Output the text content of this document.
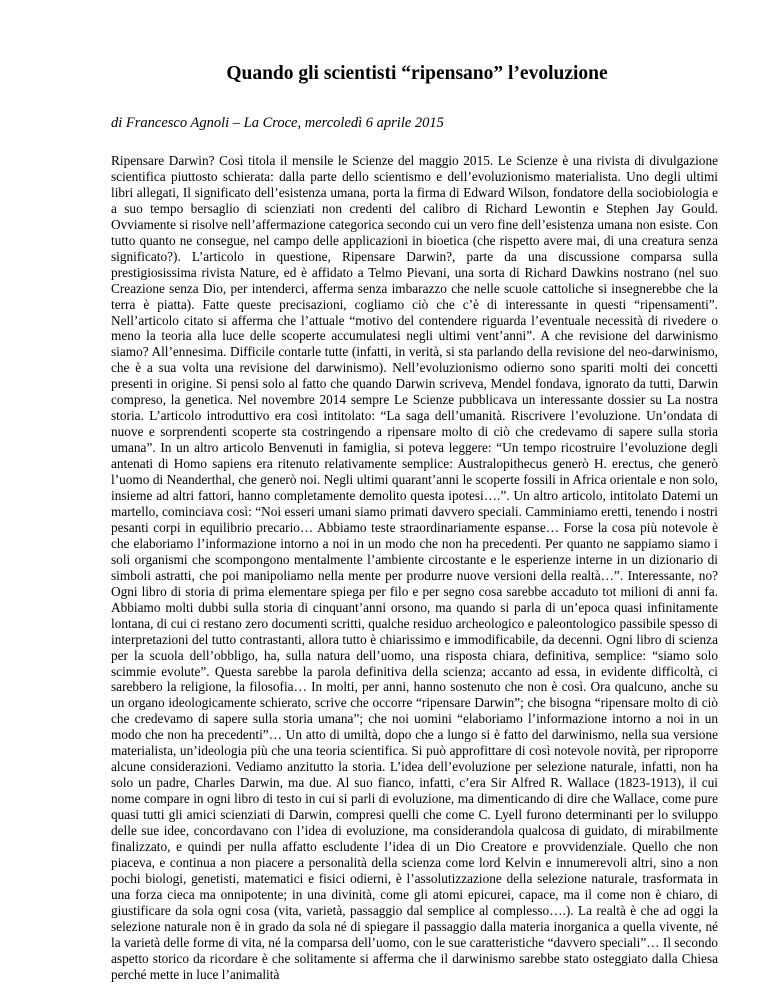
Quando gli scientisti “ripensano” l’evoluzione

di Francesco Agnoli – La Croce, mercoledì 6 aprile 2015

Ripensare Darwin? Così titola il mensile le Scienze del maggio 2015. Le Scienze è una rivista di divulgazione scientifica piuttosto schierata: dalla parte dello scientismo e dell’evoluzionismo materialista. Uno degli ultimi libri allegati, Il significato dell’esistenza umana, porta la firma di Edward Wilson, fondatore della sociobiologia e a suo tempo bersaglio di scienziati non credenti del calibro di Richard Lewontin e Stephen Jay Gould. Ovviamente si risolve nell’affermazione categorica secondo cui un vero fine dell’esistenza umana non esiste. Con tutto quanto ne consegue, nel campo delle applicazioni in bioetica (che rispetto avere mai, di una creatura senza significato?). L’articolo in questione, Ripensare Darwin?, parte da una discussione comparsa sulla prestigiosissima rivista Nature, ed è affidato a Telmo Pievani, una sorta di Richard Dawkins nostrano (nel suo Creazione senza Dio, per intenderci, afferma senza imbarazzo che nelle scuole cattoliche si insegnerebbe che la terra è piatta). Fatte queste precisazioni, cogliamo ciò che c’è di interessante in questi “ripensamenti”. Nell’articolo citato si afferma che l’attuale “motivo del contendere riguarda l’eventuale necessità di rivedere o meno la teoria alla luce delle scoperte accumulatesi negli ultimi vent’anni”. A che revisione del darwinismo siamo? All’ennesima. Difficile contarle tutte (infatti, in verità, si sta parlando della revisione del neo-darwinismo, che è a sua volta una revisione del darwinismo). Nell’evoluzionismo odierno sono spariti molti dei concetti presenti in origine. Si pensi solo al fatto che quando Darwin scriveva, Mendel fondava, ignorato da tutti, Darwin compreso, la genetica. Nel novembre 2014 sempre Le Scienze pubblicava un interessante dossier su La nostra storia. L’articolo introduttivo era così intitolato: “La saga dell’umanità. Riscrivere l’evoluzione. Un’ondata di nuove e sorprendenti scoperte sta costringendo a ripensare molto di ciò che credevamo di sapere sulla storia umana”. In un altro articolo Benvenuti in famiglia, si poteva leggere: “Un tempo ricostruire l’evoluzione degli antenati di Homo sapiens era ritenuto relativamente semplice: Australopithecus generò H. erectus, che generò l’uomo di Neanderthal, che generò noi. Negli ultimi quarant’anni le scoperte fossili in Africa orientale e non solo, insieme ad altri fattori, hanno completamente demolito questa ipotesi….”. Un altro articolo, intitolato Datemi un martello, cominciava così: “Noi esseri umani siamo primati davvero speciali. Camminiamo eretti, tenendo i nostri pesanti corpi in equilibrio precario… Abbiamo teste straordinariamente espanse… Forse la cosa più notevole è che elaboriamo l’informazione intorno a noi in un modo che non ha precedenti. Per quanto ne sappiamo siamo i soli organismi che scompongono mentalmente l’ambiente circostante e le esperienze interne in un dizionario di simboli astratti, che poi manipoliamo nella mente per produrre nuove versioni della realtà…”. Interessante, no? Ogni libro di storia di prima elementare spiega per filo e per segno cosa sarebbe accaduto tot milioni di anni fa. Abbiamo molti dubbi sulla storia di cinquant’anni orsono, ma quando si parla di un’epoca quasi infinitamente lontana, di cui ci restano zero documenti scritti, qualche residuo archeologico e paleontologico passibile spesso di interpretazioni del tutto contrastanti, allora tutto è chiarissimo e immodificabile, da decenni. Ogni libro di scienza per la scuola dell’obbligo, ha, sulla natura dell’uomo, una risposta chiara, definitiva, semplice: “siamo solo scimmie evolute”. Questa sarebbe la parola definitiva della scienza; accanto ad essa, in evidente difficoltà, ci sarebbero la religione, la filosofia… In molti, per anni, hanno sostenuto che non è così. Ora qualcuno, anche su un organo ideologicamente schierato, scrive che occorre “ripensare Darwin”; che bisogna “ripensare molto di ciò che credevamo di sapere sulla storia umana”; che noi uomini “elaboriamo l’informazione intorno a noi in un modo che non ha precedenti”… Un atto di umiltà, dopo che a lungo si è fatto del darwinismo, nella sua versione materialista, un’ideologia più che una teoria scientifica. Si può approfittare di così notevole novità, per riproporre alcune considerazioni. Vediamo anzitutto la storia. L’idea dell’evoluzione per selezione naturale, infatti, non ha solo un padre, Charles Darwin, ma due. Al suo fianco, infatti, c’era Sir Alfred R. Wallace (1823-1913), il cui nome compare in ogni libro di testo in cui si parli di evoluzione, ma dimenticando di dire che Wallace, come pure quasi tutti gli amici scienziati di Darwin, compresi quelli che come C. Lyell furono determinanti per lo sviluppo delle sue idee, concordavano con l’idea di evoluzione, ma considerandola qualcosa di guidato, di mirabilmente finalizzato, e quindi per nulla affatto escludente l’idea di un Dio Creatore e provvidenziale. Quello che non piaceva, e continua a non piacere a personalità della scienza come lord Kelvin e innumerevoli altri, sino a non pochi biologi, genetisti, matematici e fisici odierni, è l’assolutizzazione della selezione naturale, trasformata in una forza cieca ma onnipotente; in una divinità, come gli atomi epicurei, capace, ma il come non è chiaro, di giustificare da sola ogni cosa (vita, varietà, passaggio dal semplice al complesso….). La realtà è che ad oggi la selezione naturale non è in grado da sola né di spiegare il passaggio dalla materia inorganica a quella vivente, né la varietà delle forme di vita, né la comparsa dell’uomo, con le sue caratteristiche “davvero speciali”… Il secondo aspetto storico da ricordare è che solitamente si afferma che il darwinismo sarebbe stato osteggiato dalla Chiesa perché mette in luce l’animalità
